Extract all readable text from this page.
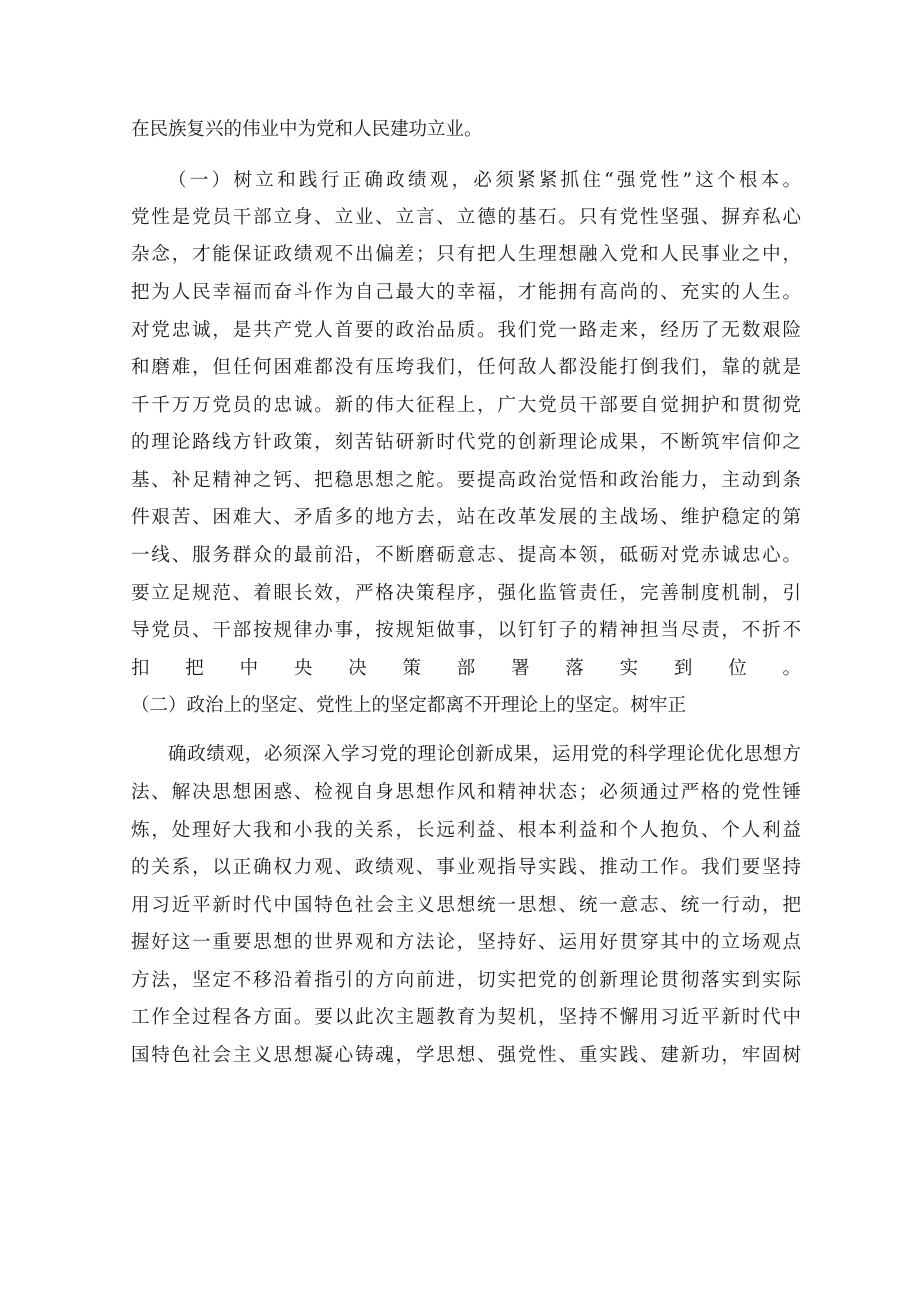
在民族复兴的伟业中为党和人民建功立业。
（一）树立和践行正确政绩观，必须紧紧抓住“强党性”这个根本。
党性是党员干部立身、立业、立言、立德的基石。只有党性坚强、摒弃私心
杂念，才能保证政绩观不出偏差；只有把人生理想融入党和人民事业之中，
把为人民幸福而奋斗作为自己最大的幸福，才能拥有高尚的、充实的人生。
对党忠诚，是共产党人首要的政治品质。我们党一路走来，经历了无数艰险
和磨难，但任何困难都没有压垮我们，任何敌人都没能打倒我们，靠的就是
千千万万党员的忠诚。新的伟大征程上，广大党员干部要自觉拥护和贯彻党
的理论路线方针政策，刻苦钻研新时代党的创新理论成果，不断筑牢信仰之
基、补足精神之钙、把稳思想之舵。要提高政治觉悟和政治能力，主动到条
件艰苦、困难大、矛盾多的地方去，站在改革发展的主战场、维护稳定的第
一线、服务群众的最前沿，不断磨砺意志、提高本领，砥砺对党赤诚忠心。
要立足规范、着眼长效，严格决策程序，强化监管责任，完善制度机制，引
导党员、干部按规律办事，按规矩做事，以钉钉子的精神担当尽责，不折不
扣把中央决策部署落实到位。
（二）政治上的坚定、党性上的坚定都离不开理论上的坚定。树牢正
确政绩观，必须深入学习党的理论创新成果，运用党的科学理论优化思想方
法、解决思想困惑、检视自身思想作风和精神状态；必须通过严格的党性锤
炼，处理好大我和小我的关系，长远利益、根本利益和个人抱负、个人利益
的关系，以正确权力观、政绩观、事业观指导实践、推动工作。我们要坚持
用习近平新时代中国特色社会主义思想统一思想、统一意志、统一行动，把
握好这一重要思想的世界观和方法论，坚持好、运用好贯穿其中的立场观点
方法，坚定不移沿着指引的方向前进，切实把党的创新理论贯彻落实到实际
工作全过程各方面。要以此次主题教育为契机，坚持不懈用习近平新时代中
国特色社会主义思想凝心铸魂，学思想、强党性、重实践、建新功，牢固树
